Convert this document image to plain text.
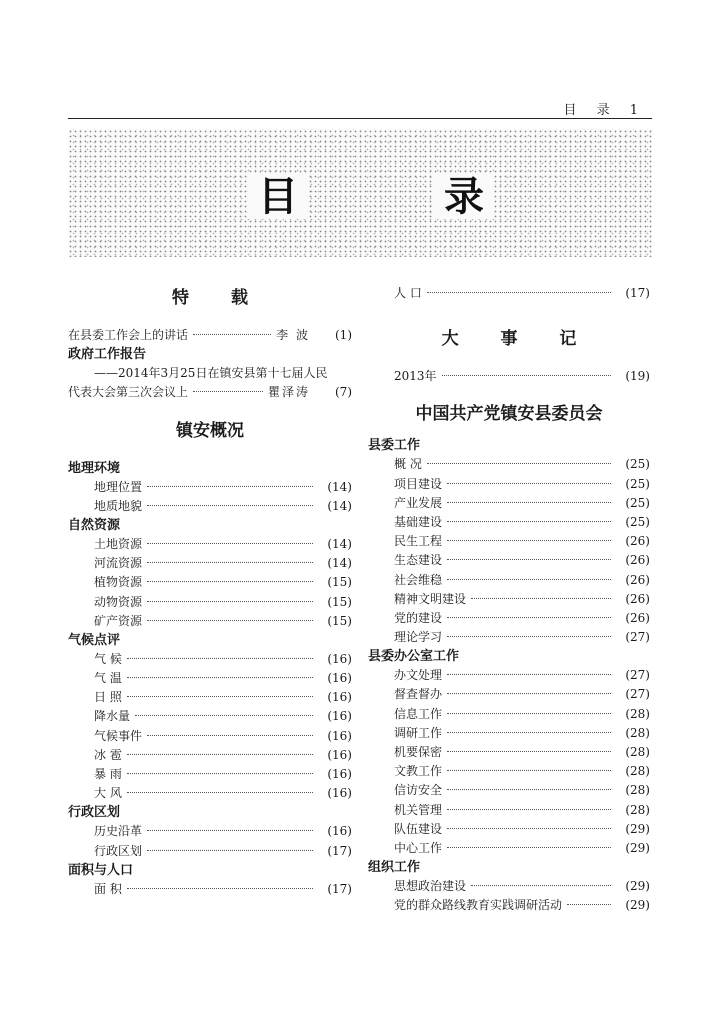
目 录 1
目	录
特 载
在县委工作会上的讲话	李 波	(1)
政府工作报告
——2014年3月25日在镇安县第十七届人民
代表大会第三次会议上	瞿泽涛	(7)
镇安概况
地理环境
地理位置	(14)
地质地貌	(14)
自然资源
土地资源	(14)
河流资源	(14)
植物资源	(15)
动物资源	(15)
矿产资源	(15)
气候点评
气 候	(16)
气 温	(16)
日 照	(16)
降水量	(16)
气候事件	(16)
冰 雹	(16)
暴 雨	(16)
大 风	(16)
行政区划
历史沿革	(16)
行政区划	(17)
面积与人口
面 积	(17)
人 口	(17)
大 事 记
2013年	(19)
中国共产党镇安县委员会
县委工作
概 况	(25)
项目建设	(25)
产业发展	(25)
基础建设	(25)
民生工程	(26)
生态建设	(26)
社会维稳	(26)
精神文明建设	(26)
党的建设	(26)
理论学习	(27)
县委办公室工作
办文处理	(27)
督查督办	(27)
信息工作	(28)
调研工作	(28)
机要保密	(28)
文教工作	(28)
信访安全	(28)
机关管理	(28)
队伍建设	(29)
中心工作	(29)
组织工作
思想政治建设	(29)
党的群众路线教育实践调研活动	(29)
